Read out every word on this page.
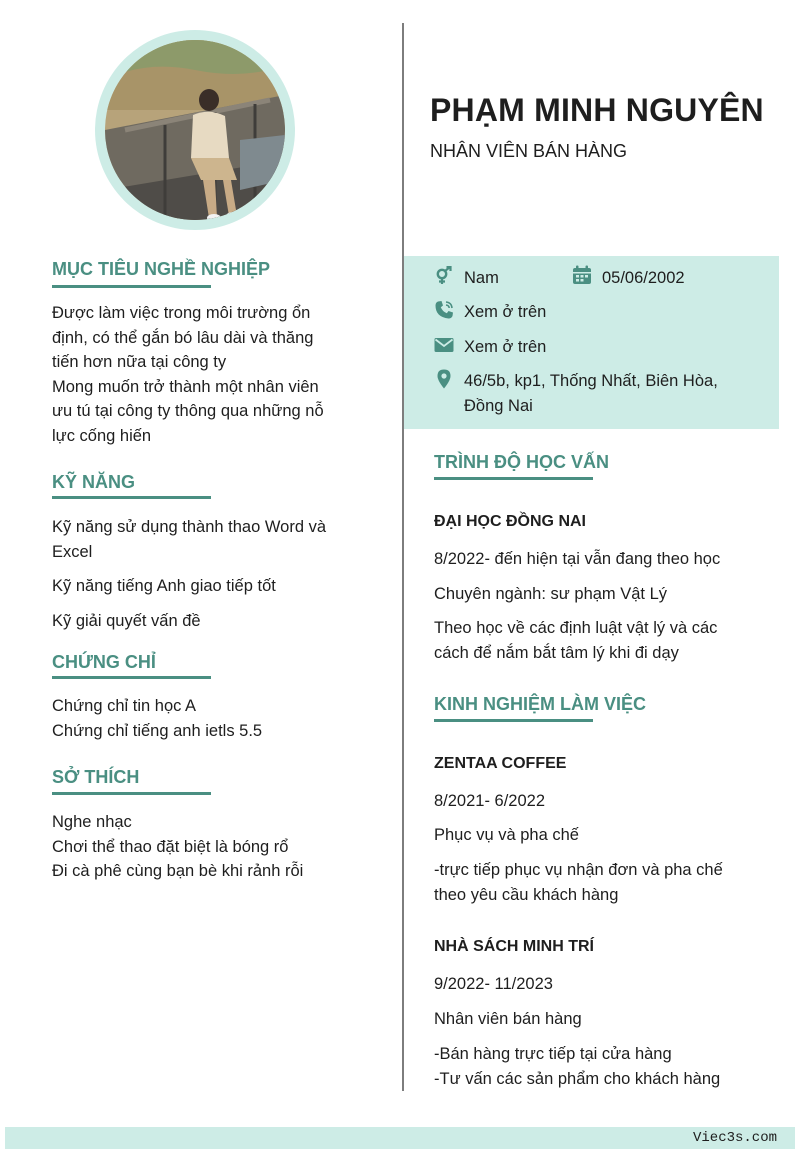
PHẠM MINH NGUYÊN
NHÂN VIÊN BÁN HÀNG
MỤC TIÊU NGHỀ NGHIỆP
Được làm việc trong môi trường ổn
định, có thể gắn bó lâu dài và thăng
tiến hơn nữa tại công ty
Mong muốn trở thành một nhân viên
ưu tú tại công ty thông qua những nỗ
lực cống hiến
KỸ NĂNG
Kỹ năng sử dụng thành thao Word và
Excel
Kỹ năng tiếng Anh giao tiếp tốt
Kỹ giải quyết vấn đề
CHỨNG CHỈ
Chứng chỉ tin học A
Chứng chỉ tiếng anh ietls 5.5
SỞ THÍCH
Nghe nhạc
Chơi thể thao đặt biệt là bóng rổ
Đi cà phê cùng bạn bè khi rảnh rỗi
Nam	05/06/2002
Xem ở trên
Xem ở trên
46/5b, kp1, Thống Nhất, Biên Hòa,
Đồng Nai
TRÌNH ĐỘ HỌC VẤN
ĐẠI HỌC ĐỒNG NAI
8/2022- đến hiện tại vẫn đang theo học
Chuyên ngành: sư phạm Vật Lý
Theo học về các định luật vật lý và các
cách để nắm bắt tâm lý khi đi dạy
KINH NGHIỆM LÀM VIỆC
ZENTAA COFFEE
8/2021- 6/2022
Phục vụ và pha chế
-trực tiếp phục vụ nhận đơn và pha chế
theo yêu cầu khách hàng
NHÀ SÁCH MINH TRÍ
9/2022- 11/2023
Nhân viên bán hàng
-Bán hàng trực tiếp tại cửa hàng
-Tư vấn các sản phẩm cho khách hàng
Viec3s.com
